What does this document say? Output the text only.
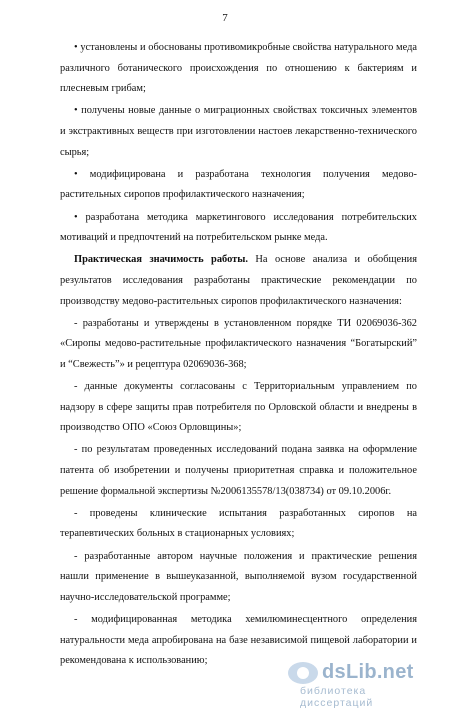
7

• установлены и обоснованы противомикробные свойства натурального меда различного ботанического происхождения по отношению к бактериям и плесневым грибам;

• получены новые данные о миграционных свойствах токсичных элементов и экстрактивных веществ при изготовлении настоев лекарственно-технического сырья;

• модифицирована и разработана технология получения медово-растительных сиропов профилактического назначения;

• разработана методика маркетингового исследования потребительских мотиваций и предпочтений на потребительском рынке меда.

Практическая значимость работы. На основе анализа и обобщения результатов исследования разработаны практические рекомендации по производству медово-растительных сиропов профилактического назначения:

- разработаны и утверждены в установленном порядке ТИ 02069036-362 «Сиропы медово-растительные профилактического назначения “Богатырский” и “Свежесть”» и рецептура 02069036-368;

- данные документы согласованы с Территориальным управлением по надзору в сфере защиты прав потребителя по Орловской области и внедрены в производство ОПО «Союз Орловщины»;

- по результатам проведенных исследований подана заявка на оформление патента об изобретении и получены приоритетная справка и положительное решение формальной экспертизы №2006135578/13(038734) от 09.10.2006г.

- проведены клинические испытания разработанных сиропов на терапевтических больных в стационарных условиях;

- разработанные автором научные положения и практические решения нашли применение в вышеуказанной, выполняемой вузом государственной научно-исследовательской программе;

- модифицированная методика хемилюминесцентного определения натуральности меда апробирована на базе независимой пищевой лаборатории и рекомендована к использованию;

dsLib.net
библиотека диссертаций
